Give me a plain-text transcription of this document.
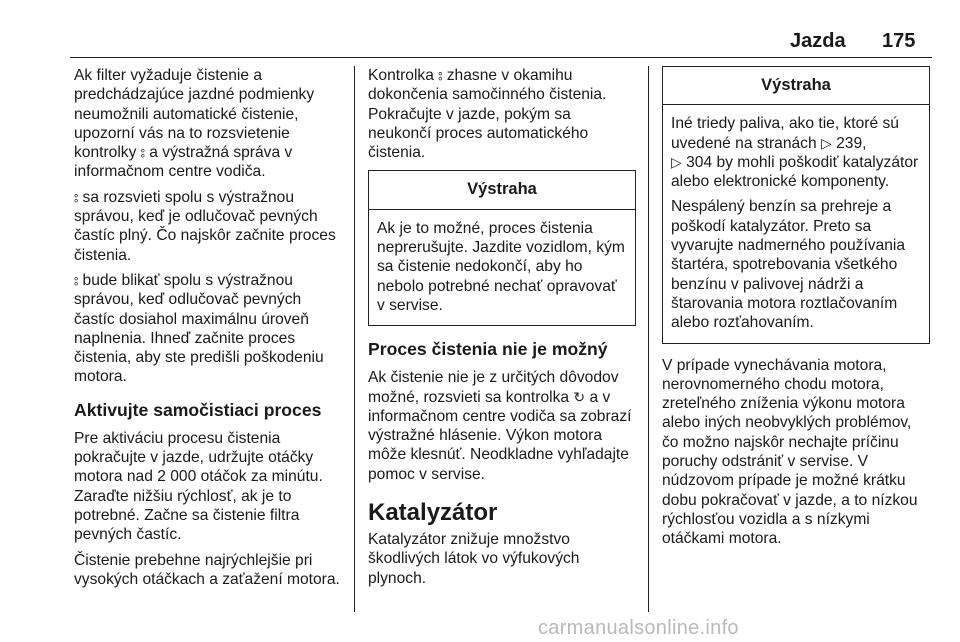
Jazda 175

Ak filter vyžaduje čistenie a predchádzajúce jazdné podmienky neumožnili automatické čistenie, upozorní vás na to rozsvietenie kontrolky ⦂ a výstražná správa v informačnom centre vodiča.

⦂ sa rozsvieti spolu s výstražnou správou, keď je odlučovač pevných častíc plný. Čo najskôr začnite proces čistenia.

⦂ bude blikať spolu s výstražnou správou, keď odlučovač pevných častíc dosiahol maximálnu úroveň naplnenia. Ihneď začnite proces čistenia, aby ste predišli poškodeniu motora.

Aktivujte samočistiaci proces

Pre aktiváciu procesu čistenia pokračujte v jazde, udržujte otáčky motora nad 2 000 otáčok za minútu. Zaraďte nižšiu rýchlosť, ak je to potrebné. Začne sa čistenie filtra pevných častíc.

Čistenie prebehne najrýchlejšie pri vysokých otáčkach a zaťažení motora.

Kontrolka ⦂ zhasne v okamihu dokončenia samočinného čistenia. Pokračujte v jazde, pokým sa neukončí proces automatického čistenia.

Výstraha

Ak je to možné, proces čistenia neprerušujte. Jazdite vozidlom, kým sa čistenie nedokončí, aby ho nebolo potrebné nechať opravovať v servise.

Proces čistenia nie je možný

Ak čistenie nie je z určitých dôvodov možné, rozsvieti sa kontrolka ↻ a v informačnom centre vodiča sa zobrazí výstražné hlásenie. Výkon motora môže klesnúť. Neodkladne vyhľadajte pomoc v servise.

Katalyzátor

Katalyzátor znižuje množstvo škodlivých látok vo výfukových plynoch.

Výstraha

Iné triedy paliva, ako tie, ktoré sú uvedené na stranách ▷ 239,
▷ 304 by mohli poškodiť katalyzátor alebo elektronické komponenty.

Nespálený benzín sa prehreje a poškodí katalyzátor. Preto sa vyvarujte nadmerného používania štartéra, spotrebovania všetkého benzínu v palivovej nádrži a štarovania motora roztlačovaním alebo rozťahovaním.

V prípade vynechávania motora, nerovnomerného chodu motora, zreteľného zníženia výkonu motora alebo iných neobvyklých problémov, čo možno najskôr nechajte príčinu poruchy odstrániť v servise. V núdzovom prípade je možné krátku dobu pokračovať v jazde, a to nízkou rýchlosťou vozidla a s nízkymi otáčkami motora.

carmanualsonline.info
